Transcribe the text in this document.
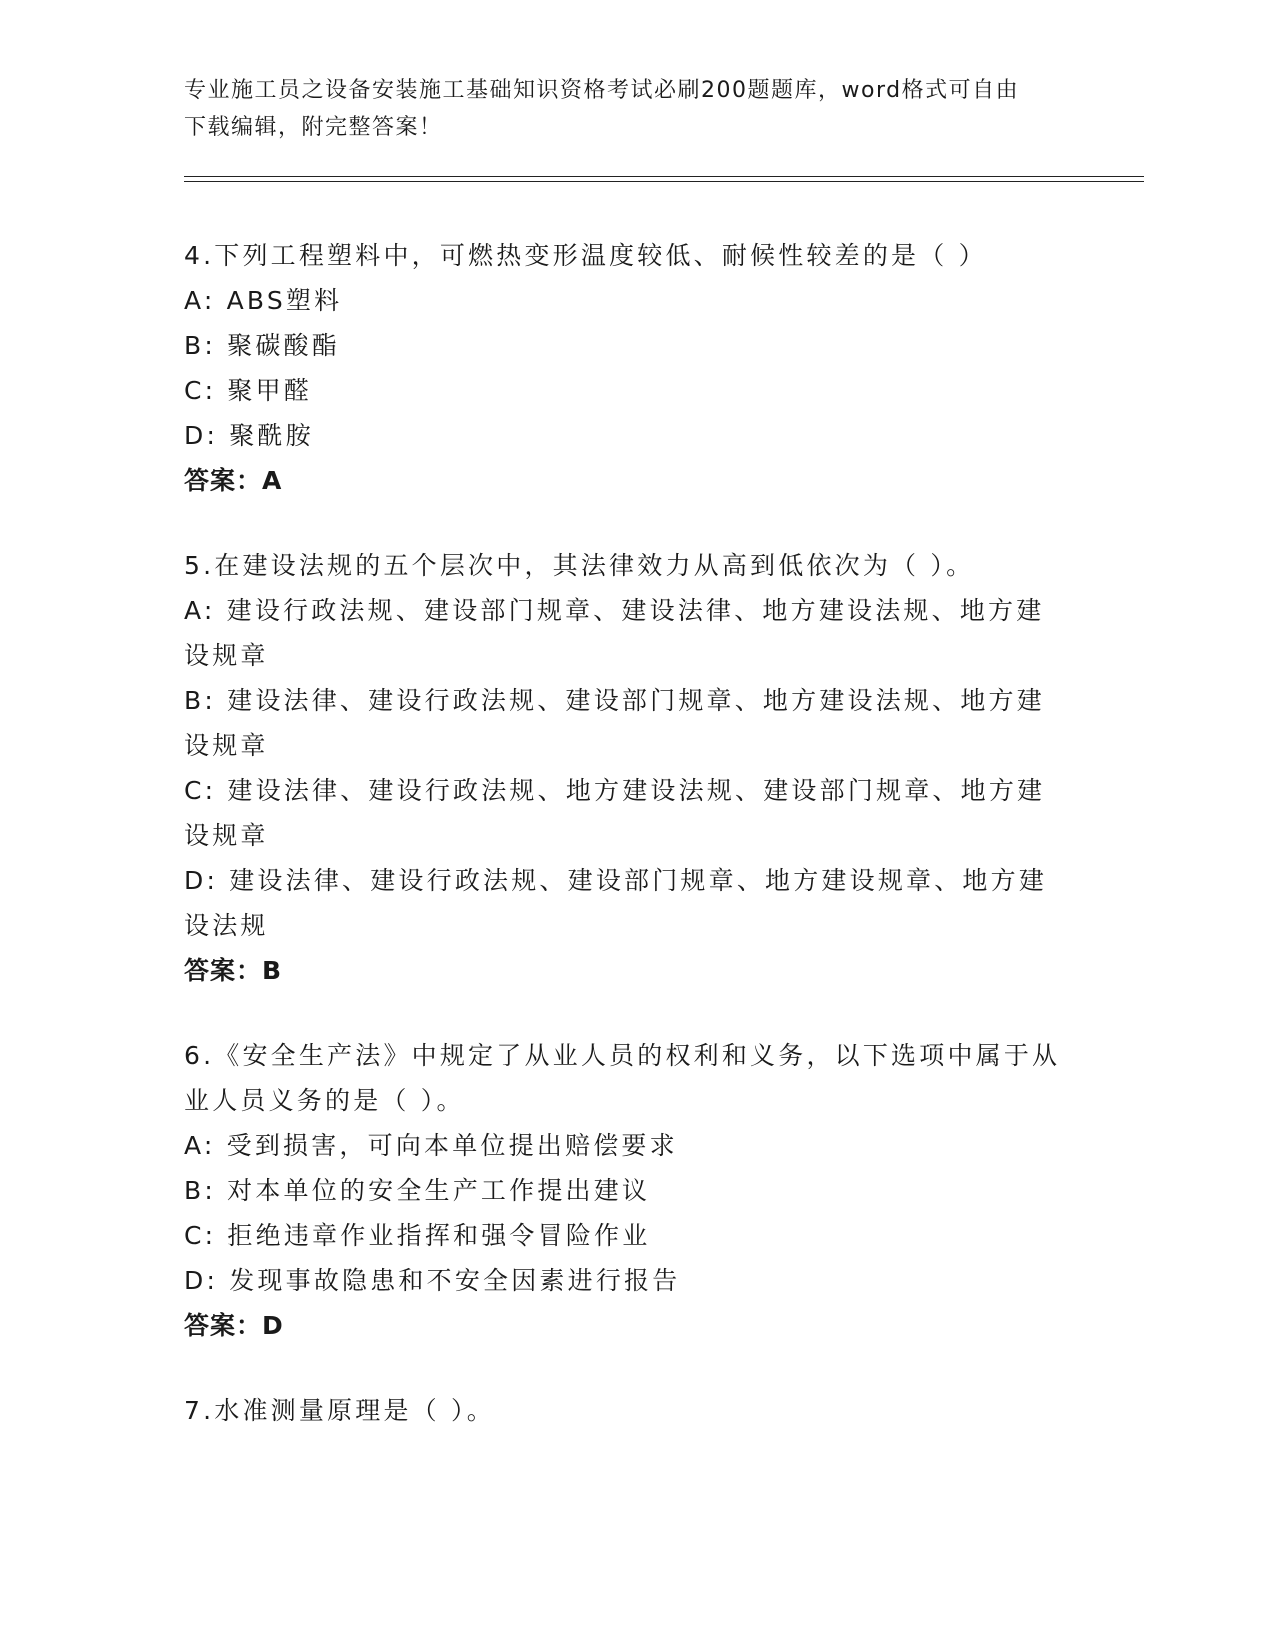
专业施工员之设备安装施工基础知识资格考试必刷200题题库，word格式可自由
下载编辑，附完整答案！
4.下列工程塑料中，可燃热变形温度较低、耐候性较差的是（ ）
A: ABS塑料
B: 聚碳酸酯
C: 聚甲醛
D: 聚酰胺
答案：A
5.在建设法规的五个层次中，其法律效力从高到低依次为（ ）。
A: 建设行政法规、建设部门规章、建设法律、地方建设法规、地方建设规章
B: 建设法律、建设行政法规、建设部门规章、地方建设法规、地方建设规章
C: 建设法律、建设行政法规、地方建设法规、建设部门规章、地方建设规章
D: 建设法律、建设行政法规、建设部门规章、地方建设规章、地方建设法规
答案：B
6.《安全生产法》中规定了从业人员的权利和义务，以下选项中属于从业人员义务的是（ ）。
A: 受到损害，可向本单位提出赔偿要求
B: 对本单位的安全生产工作提出建议
C: 拒绝违章作业指挥和强令冒险作业
D: 发现事故隐患和不安全因素进行报告
答案：D
7.水准测量原理是（ ）。
